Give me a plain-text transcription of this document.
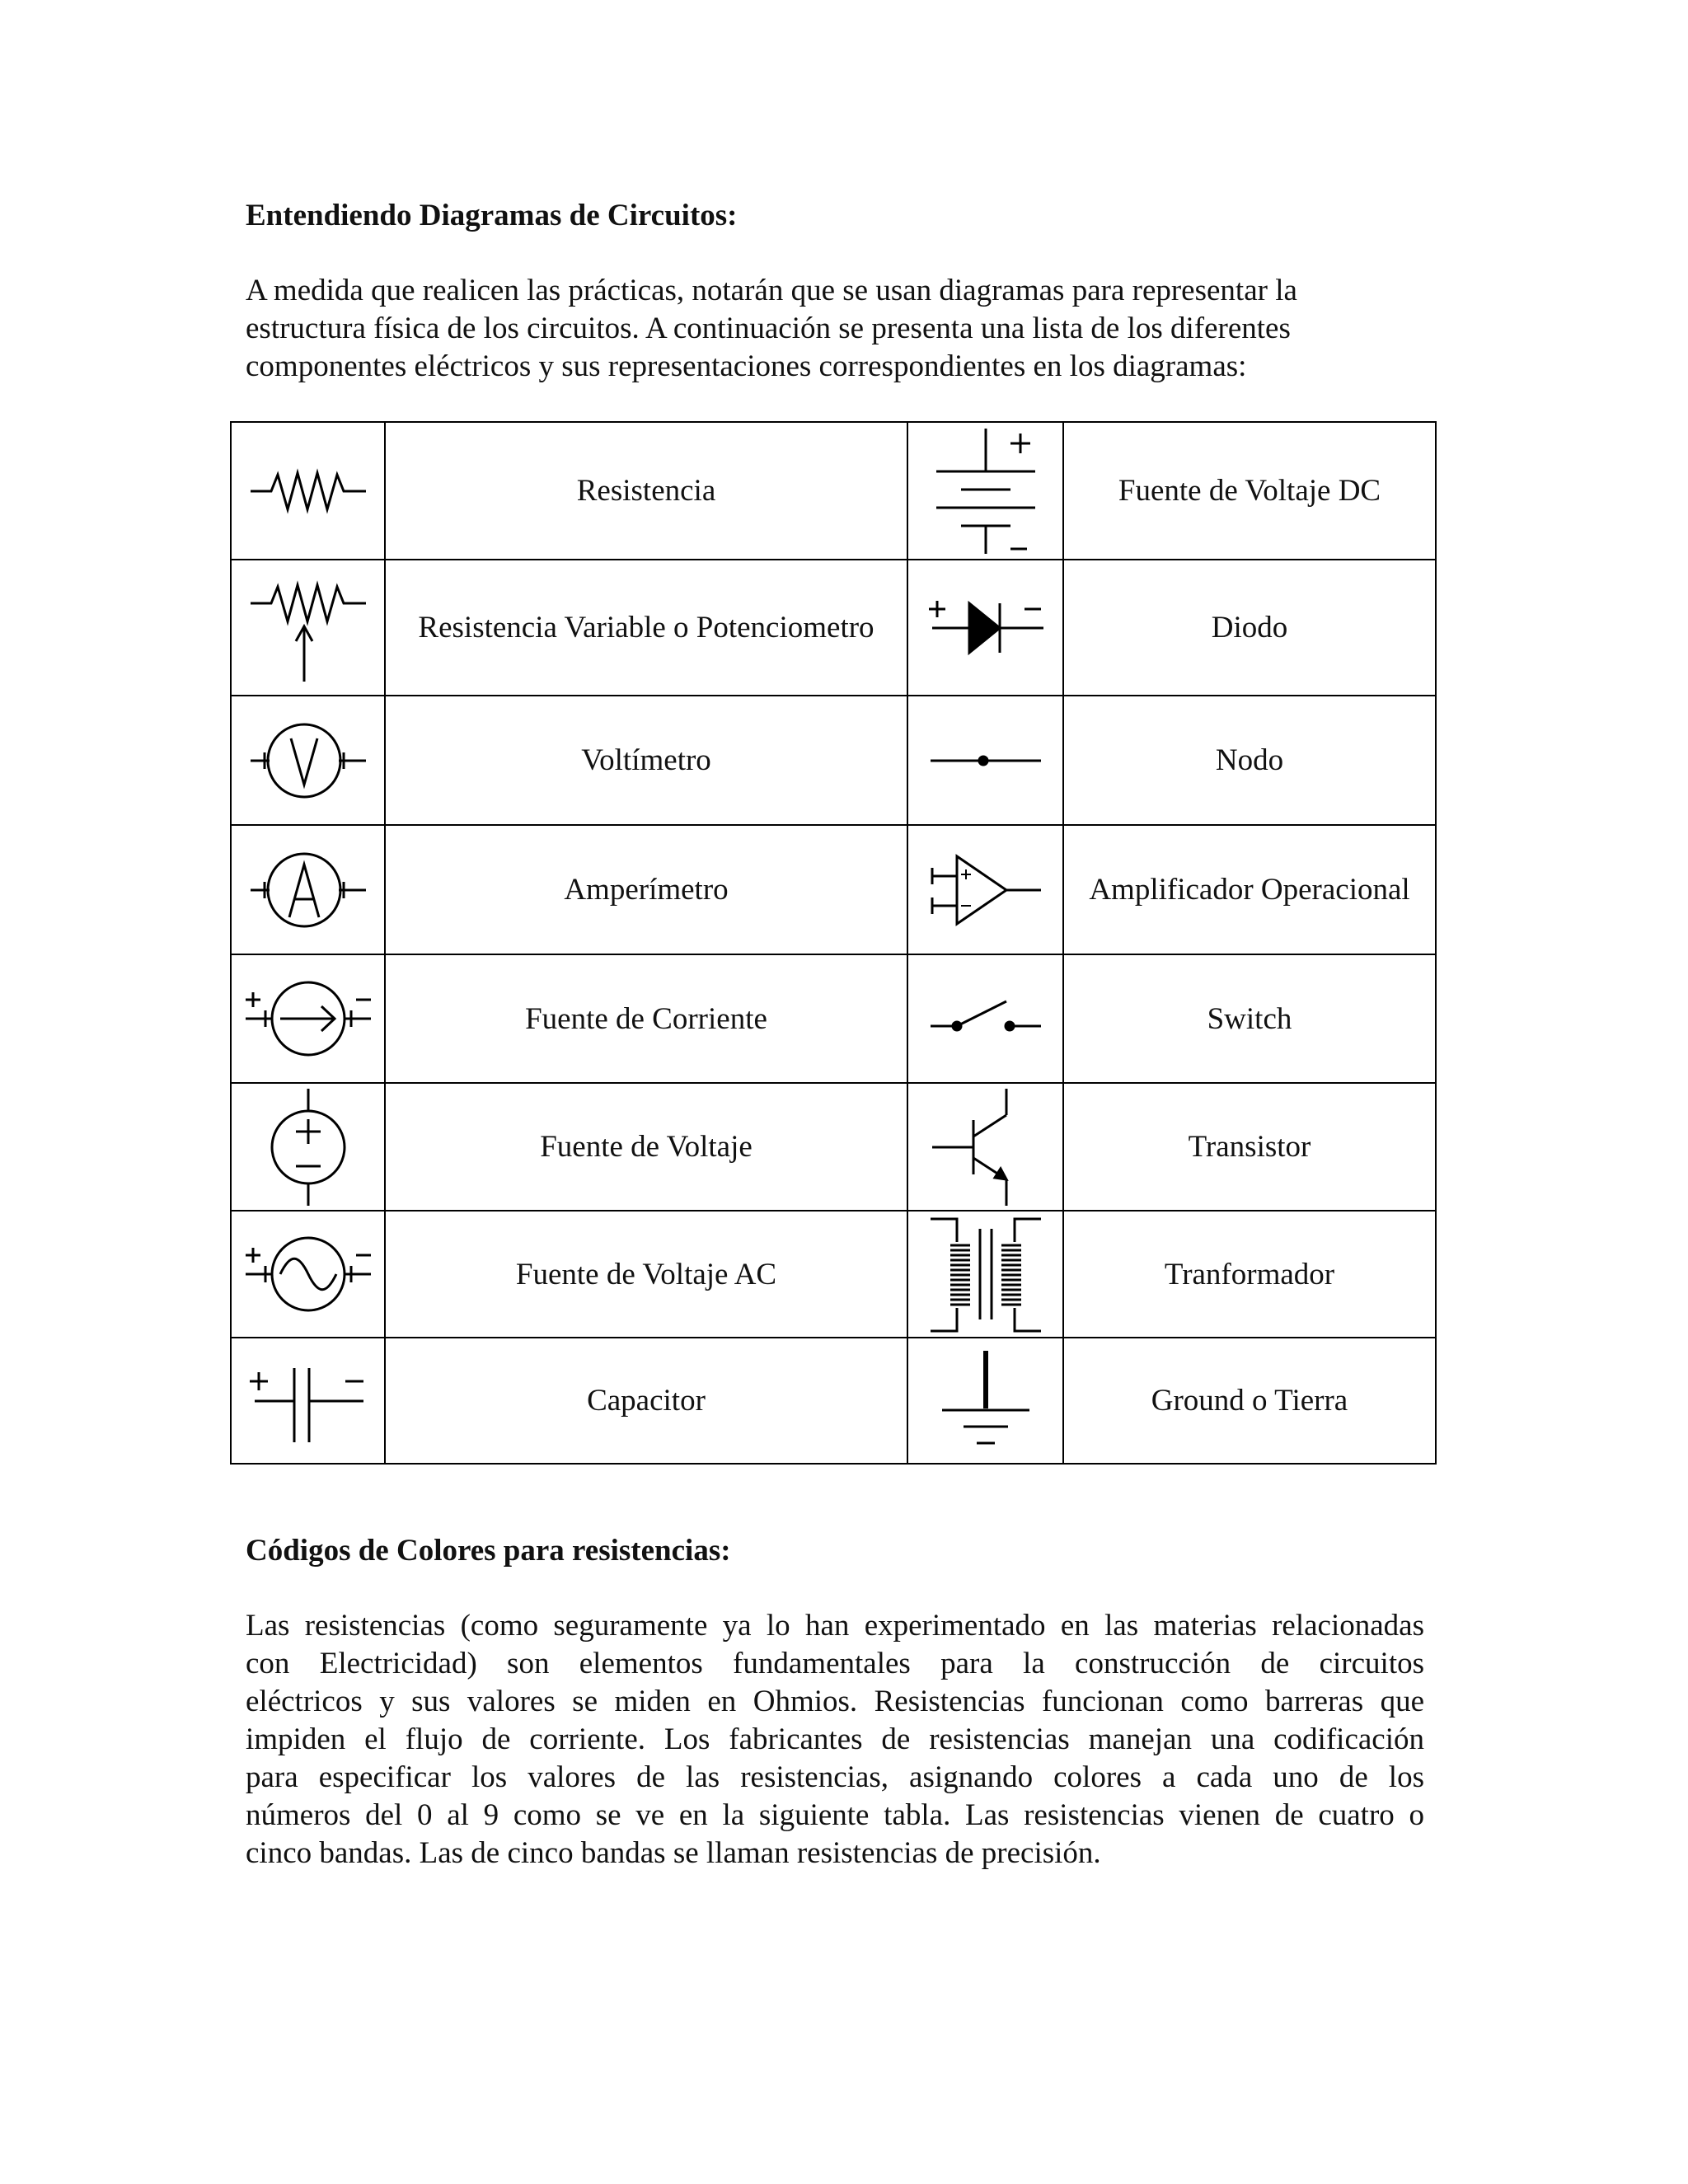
Entendiendo Diagramas de Circuitos:
A medida que realicen las prácticas, notarán que se usan diagramas para representar la
estructura física de los circuitos. A continuación se presenta una lista de los diferentes
componentes eléctricos y sus representaciones correspondientes en los diagramas:
	Resistencia		Fuente de Voltaje DC

	Resistencia Variable o Potenciometro		Diodo

	Voltímetro		Nodo

	Amperímetro		Amplificador Operacional

	Fuente de Corriente		Switch

	Fuente de Voltaje		Transistor

	Fuente de Voltaje AC		Tranformador

	Capacitor		Ground o Tierra
Códigos de Colores para resistencias:
Las resistencias (como seguramente ya lo han experimentado en las materias relacionadas
con Electricidad) son elementos fundamentales para la construcción de circuitos
eléctricos y sus valores se miden en Ohmios. Resistencias funcionan como barreras que
impiden el flujo de corriente. Los fabricantes de resistencias manejan una codificación
para especificar los valores de las resistencias, asignando colores a cada uno de los
números del 0 al 9 como se ve en la siguiente tabla. Las resistencias vienen de cuatro o
cinco bandas. Las de cinco bandas se llaman resistencias de precisión.
